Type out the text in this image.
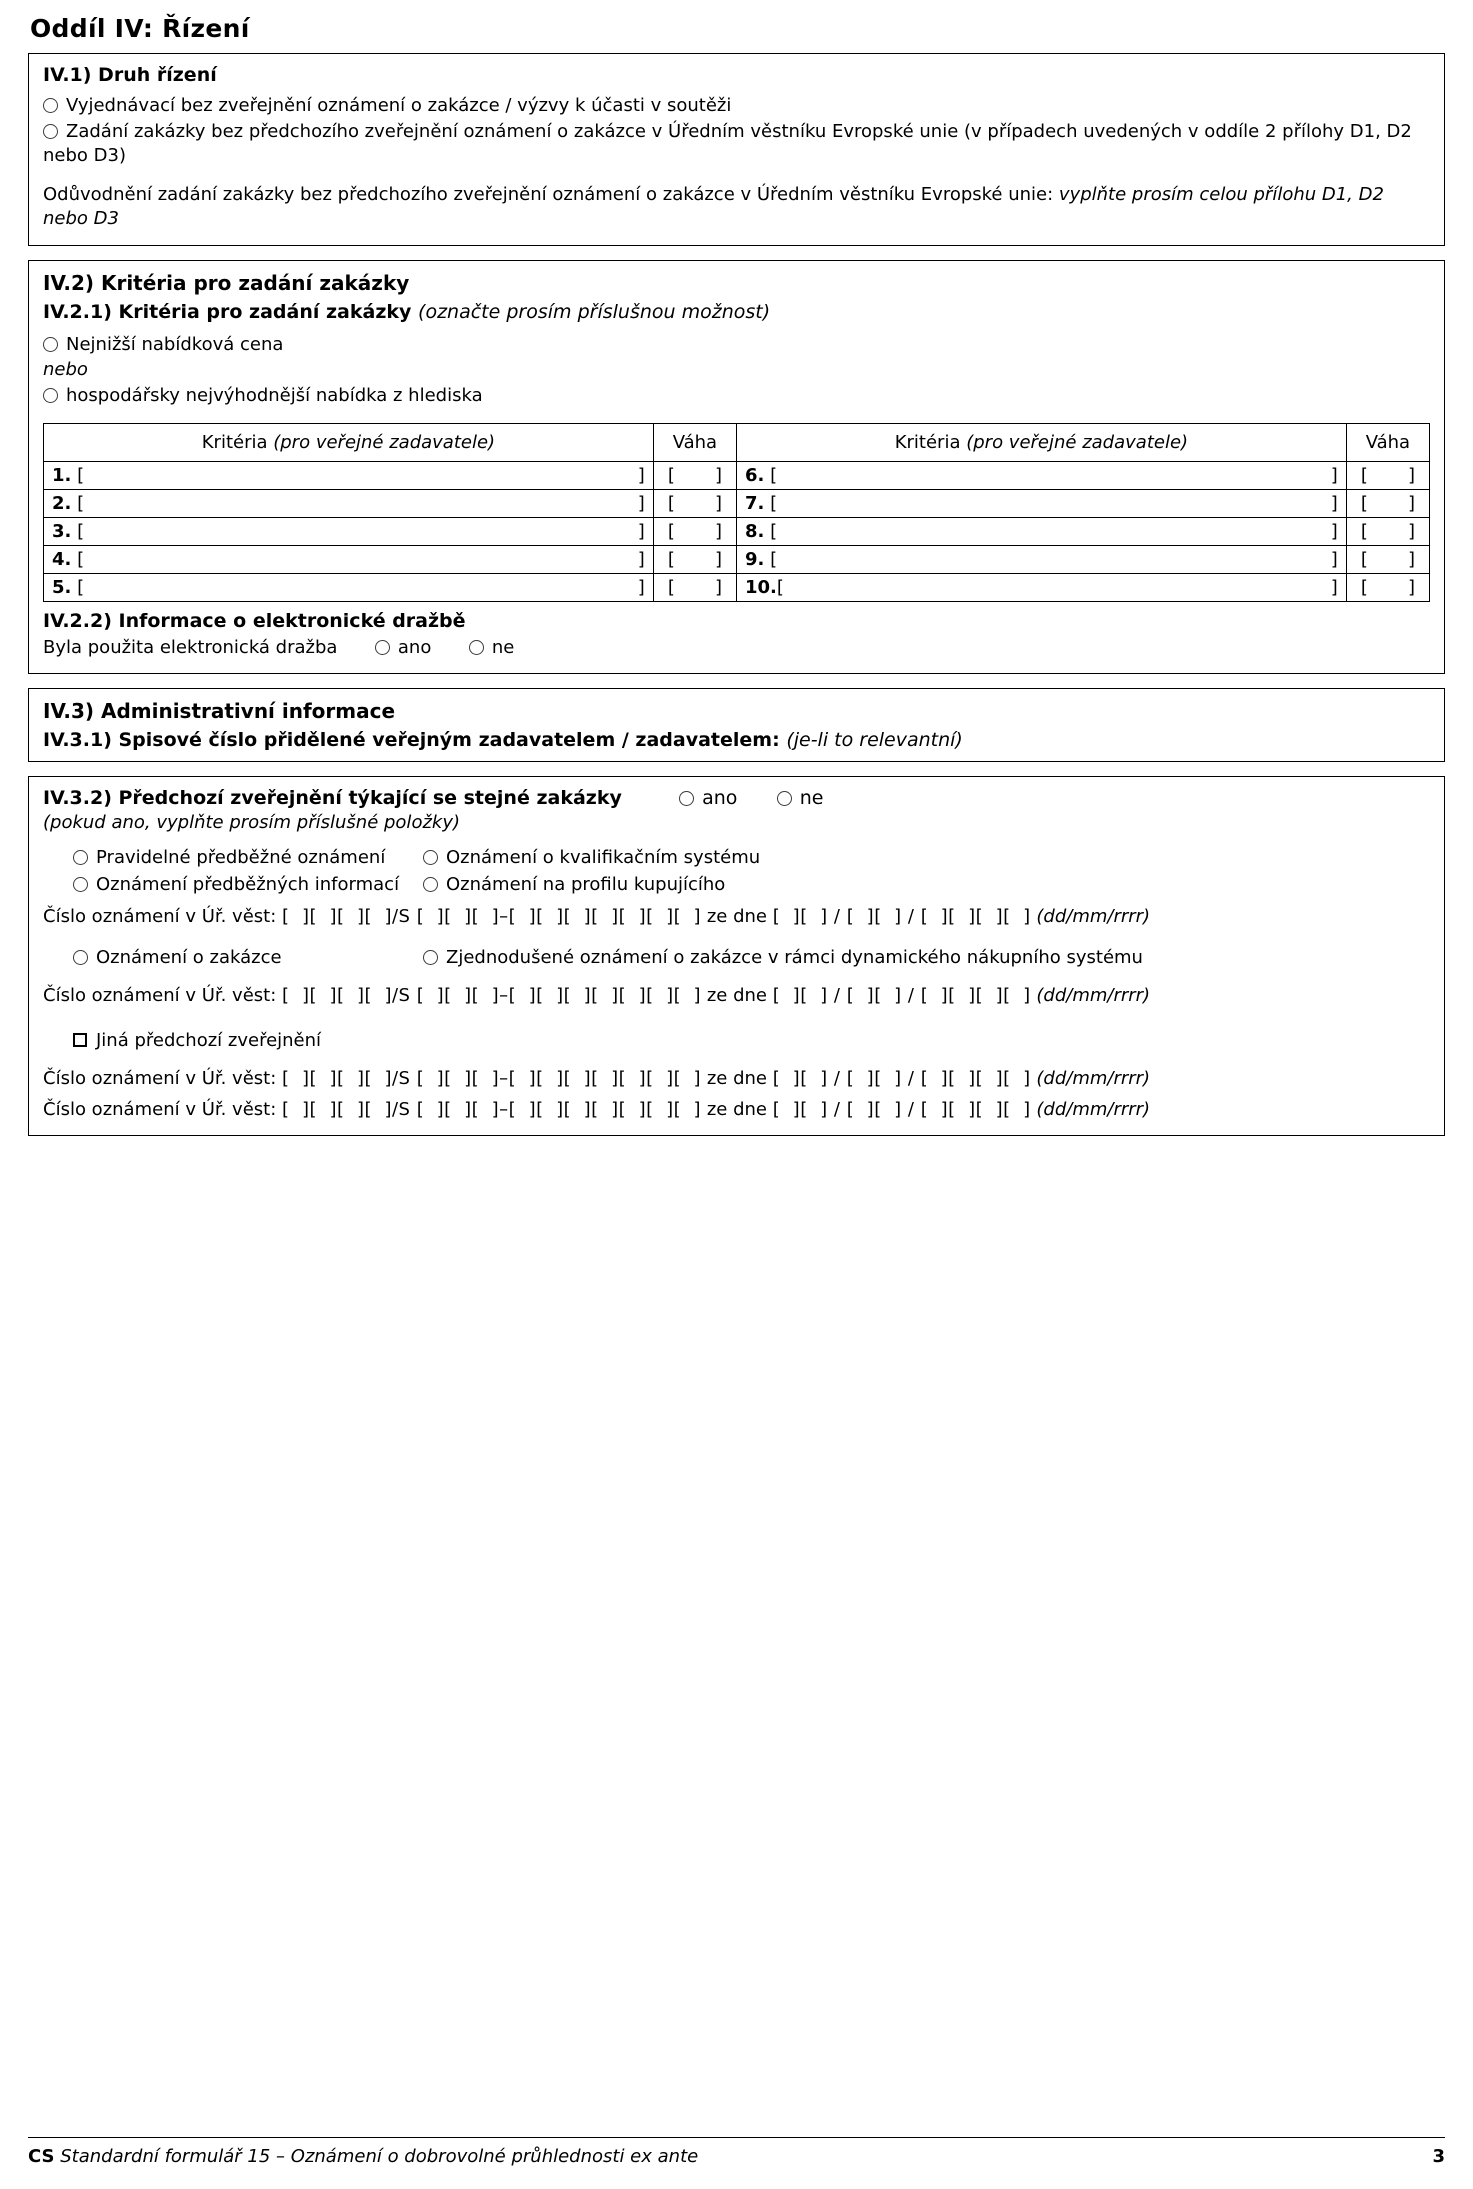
Oddíl IV: Řízení
IV.1) Druh řízení

Vyjednávací bez zveřejnění oznámení o zakázce / výzvy k účasti v soutěži

Zadání zakázky bez předchozího zveřejnění oznámení o zakázce v Úředním věstníku Evropské unie (v případech uvedených v oddíle 2 přílohy D1, D2 nebo D3)

Odůvodnění zadání zakázky bez předchozího zveřejnění oznámení o zakázce v Úředním věstníku Evropské unie: vyplňte prosím celou přílohu D1, D2 nebo D3

IV.2) Kritéria pro zadání zakázky
IV.2.1) Kritéria pro zadání zakázky (označte prosím příslušnou možnost)

Nejnižší nabídková cena

nebo

hospodářsky nejvýhodnější nabídka z hlediska

Kritéria (pro veřejné zadavatele)	Váha	Kritéria (pro veřejné zadavatele)	Váha

1. [ ]	[ ]	6. [ ]	[ ]

2. [ ]	[ ]	7. [ ]	[ ]

3. [ ]	[ ]	8. [ ]	[ ]

4. [ ]	[ ]	9. [ ]	[ ]

5. [ ]	[ ]	10.[ ]	[ ]
IV.2.2) Informace o elektronické dražbě

Byla použita elektronická dražba	ano	ne

IV.3) Administrativní informace
IV.3.1) Spisové číslo přidělené veřejným zadavatelem / zadavatelem: (je-li to relevantní)
IV.3.2) Předchozí zveřejnění týkající se stejné zakázky	ano	ne

(pokud ano, vyplňte prosím příslušné položky)

Pravidelné předběžné oznámení

Oznámení předběžných informací

Oznámení o kvalifikačním systému

Oznámení na profilu kupujícího

Číslo oznámení v Úř. věst: [  ][  ][  ][  ]/S [  ][  ][  ]–[  ][  ][  ][  ][  ][  ][  ] ze dne [  ][  ] / [  ][  ] / [  ][  ][  ][  ] (dd/mm/rrrr)

Oznámení o zakázce	Zjednodušené oznámení o zakázce v rámci dynamického nákupního systému

Číslo oznámení v Úř. věst: [  ][  ][  ][  ]/S [  ][  ][  ]–[  ][  ][  ][  ][  ][  ][  ] ze dne [  ][  ] / [  ][  ] / [  ][  ][  ][  ] (dd/mm/rrrr)

Jiná předchozí zveřejnění

Číslo oznámení v Úř. věst: [  ][  ][  ][  ]/S [  ][  ][  ]–[  ][  ][  ][  ][  ][  ][  ] ze dne [  ][  ] / [  ][  ] / [  ][  ][  ][  ] (dd/mm/rrrr)

Číslo oznámení v Úř. věst: [  ][  ][  ][  ]/S [  ][  ][  ]–[  ][  ][  ][  ][  ][  ][  ] ze dne [  ][  ] / [  ][  ] / [  ][  ][  ][  ] (dd/mm/rrrr)

CS Standardní formulář 15 – Oznámení o dobrovolné průhlednosti ex ante	3
